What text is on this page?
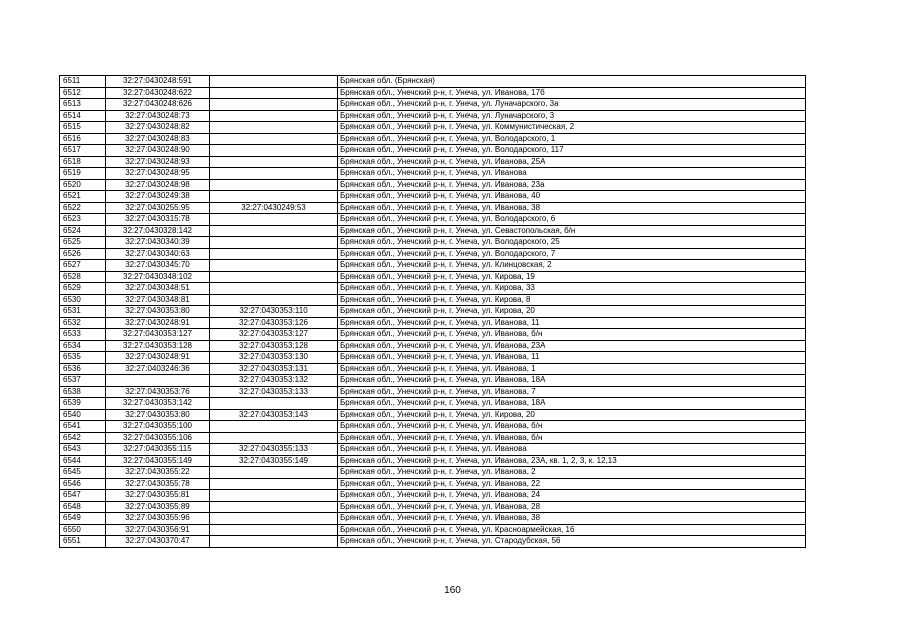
6511	32:27:0430248:591		Брянская обл. (Брянская)
6512	32:27:0430248:622		Брянская обл., Унечский р-н, г. Унеча, ул. Иванова, 17б
6513	32:27:0430248:626		Брянская обл., Унечский р-н, г. Унеча, ул. Луначарского, 3а
6514	32:27:0430248:73		Брянская обл., Унечский р-н, г. Унеча, ул. Луначарского, 3
6515	32:27:0430248:82		Брянская обл., Унечский р-н, г. Унеча, ул. Коммунистическая, 2
6516	32:27:0430248:83		Брянская обл., Унечский р-н, г. Унеча, ул. Володарского, 1
6517	32:27:0430248:90		Брянская обл., Унечский р-н, г. Унеча, ул. Володарского, 117
6518	32:27:0430248:93		Брянская обл., Унечский р-н, г. Унеча, ул. Иванова, 25А
6519	32:27:0430248:95		Брянская обл., Унечский р-н, г. Унеча, ул. Иванова
6520	32:27:0430248:98		Брянская обл., Унечский р-н, г. Унеча, ул. Иванова, 23а
6521	32:27:0430249:38		Брянская обл., Унечский р-н, г. Унеча, ул. Иванова, 40
6522	32:27:0430255:95	32:27:0430249:53	Брянская обл., Унечский р-н, г. Унеча, ул. Иванова, 38
6523	32:27:0430315:78		Брянская обл., Унечский р-н, г. Унеча, ул. Володарского, 6
6524	32:27:0430328:142		Брянская обл., Унечский р-н, г. Унеча, ул. Севастопольская, б/н
6525	32:27:0430340:39		Брянская обл., Унечский р-н, г. Унеча, ул. Володарского, 25
6526	32:27:0430340:63		Брянская обл., Унечский р-н, г. Унеча, ул. Володарского, 7
6527	32:27:0430345:70		Брянская обл., Унечский р-н, г. Унеча, ул. Клинцовская, 2
6528	32:27:0430348:102		Брянская обл., Унечский р-н, г. Унеча, ул. Кирова, 19
6529	32:27:0430348:51		Брянская обл., Унечский р-н, г. Унеча, ул. Кирова, 33
6530	32:27:0430348:81		Брянская обл., Унечский р-н, г. Унеча, ул. Кирова, 8
6531	32:27:0430353:80	32:27:0430353:110	Брянская обл., Унечский р-н, г. Унеча, ул. Кирова, 20
6532	32:27:0430248:91	32:27:0430353:126	Брянская обл., Унечский р-н, г. Унеча, ул. Иванова, 11
6533	32:27:0430353:127	32:27:0430353:127	Брянская обл., Унечский р-н, г. Унеча, ул. Иванова, б/н
6534	32:27:0430353:128	32:27:0430353:128	Брянская обл., Унечский р-н, г. Унеча, ул. Иванова, 23А
6535	32:27:0430248:91	32:27:0430353:130	Брянская обл., Унечский р-н, г. Унеча, ул. Иванова, 11
6536	32:27:0403246:36	32:27:0430353:131	Брянская обл., Унечский р-н, г. Унеча, ул. Иванова, 1
6537		32:27:0430353:132	Брянская обл., Унечский р-н, г. Унеча, ул. Иванова, 18А
6538	32:27:0430353:76	32:27:0430353:133	Брянская обл., Унечский р-н, г. Унеча, ул. Иванова, 7
6539	32:27:0430353:142		Брянская обл., Унечский р-н, г. Унеча, ул. Иванова, 18А
6540	32:27:0430353:80	32:27:0430353:143	Брянская обл., Унечский р-н, г. Унеча, ул. Кирова, 20
6541	32:27:0430355:100		Брянская обл., Унечский р-н, г. Унеча, ул. Иванова, б/н
6542	32:27:0430355:106		Брянская обл., Унечский р-н, г. Унеча, ул. Иванова, б/н
6543	32:27:0430355:115	32:27:0430355:133	Брянская обл., Унечский р-н, г. Унеча, ул. Иванова
6544	32:27:0430355:149	32:27:0430355:149	Брянская обл., Унечский р-н, г. Унеча, ул. Иванова, 23А, кв. 1, 2, 3, к. 12,13
6545	32:27:0430355:22		Брянская обл., Унечский р-н, г. Унеча, ул. Иванова, 2
6546	32:27:0430355:78		Брянская обл., Унечский р-н, г. Унеча, ул. Иванова, 22
6547	32:27:0430355:81		Брянская обл., Унечский р-н, г. Унеча, ул. Иванова, 24
6548	32:27:0430355:89		Брянская обл., Унечский р-н, г. Унеча, ул. Иванова, 28
6549	32:27:0430355:96		Брянская обл., Унечский р-н, г. Унеча, ул. Иванова, 38
6550	32:27:0430356:91		Брянская обл., Унечский р-н, г. Унеча, ул. Красноармейская, 16
6551	32:27:0430370:47		Брянская обл., Унечский р-н, г. Унеча, ул. Стародубская, 56
160
